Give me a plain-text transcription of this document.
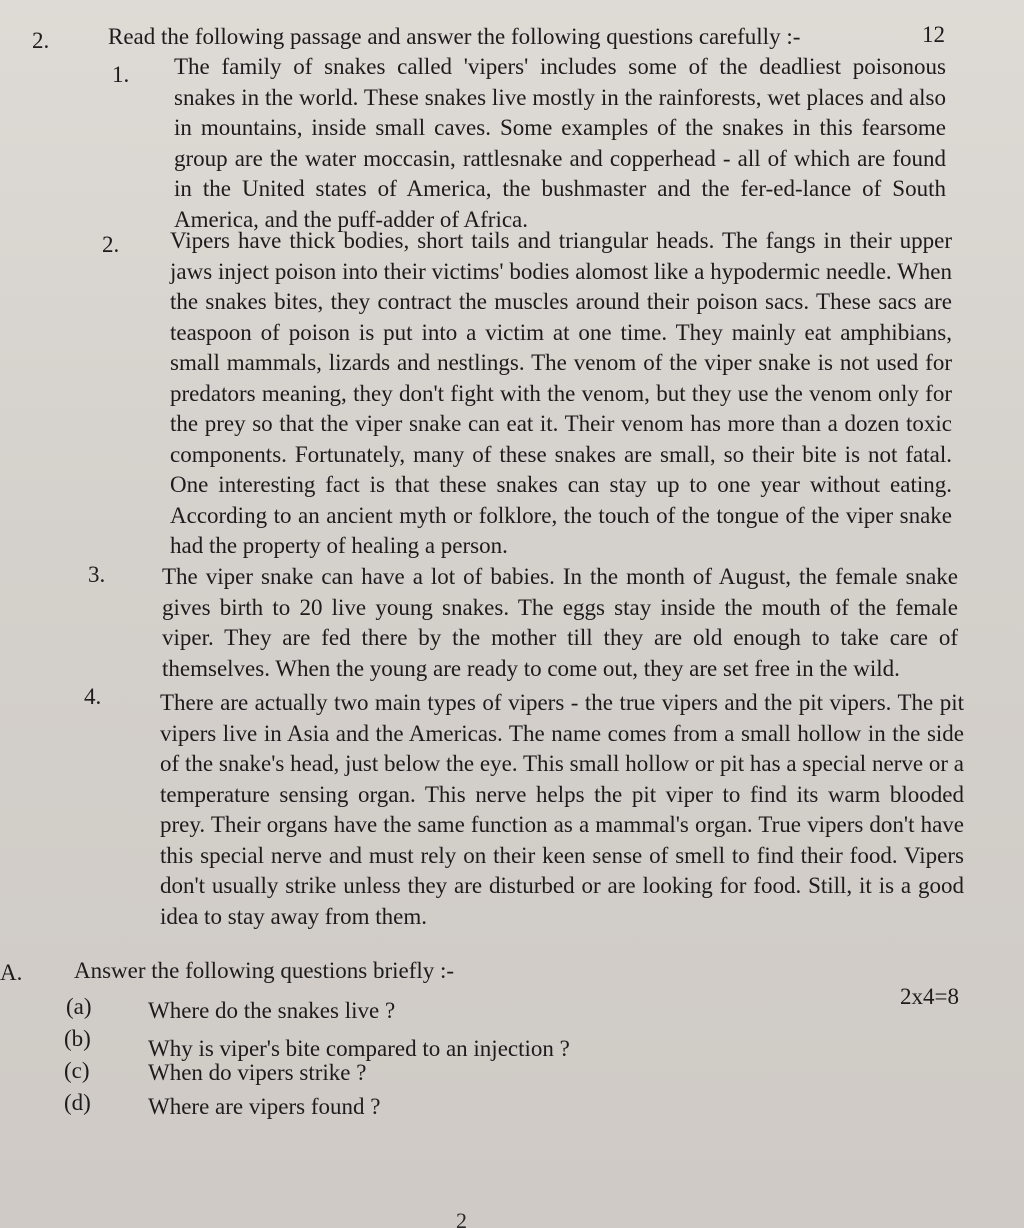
2.	Read the following passage and answer the following questions carefully :-	12
1. The family of snakes called 'vipers' includes some of the deadliest poisonous snakes in the world. These snakes live mostly in the rainforests, wet places and also in mountains, inside small caves. Some examples of the snakes in this fearsome group are the water moccasin, rattlesnake and copperhead - all of which are found in the United states of America, the bushmaster and the fer-ed-lance of South America, and the puff-adder of Africa.

2. Vipers have thick bodies, short tails and triangular heads. The fangs in their upper jaws inject poison into their victims' bodies alomost like a hypodermic needle. When the snakes bites, they contract the muscles around their poison sacs. These sacs are teaspoon of poison is put into a victim at one time. They mainly eat amphibians, small mammals, lizards and nestlings. The venom of the viper snake is not used for predators meaning, they don't fight with the venom, but they use the venom only for the prey so that the viper snake can eat it. Their venom has more than a dozen toxic components. Fortunately, many of these snakes are small, so their bite is not fatal. One interesting fact is that these snakes can stay up to one year without eating. According to an ancient myth or folklore, the touch of the tongue of the viper snake had the property of healing a person.

3. The viper snake can have a lot of babies. In the month of August, the female snake gives birth to 20 live young snakes. The eggs stay inside the mouth of the female viper. They are fed there by the mother till they are old enough to take care of themselves. When the young are ready to come out, they are set free in the wild.

4.	There are actually two main types of vipers - the true vipers and the pit vipers. The pit vipers live in Asia and the Americas. The name comes from a small hollow in the side of the snake's head, just below the eye. This small hollow or pit has a special nerve or a temperature sensing organ. This nerve helps the pit viper to find its warm blooded prey. Their organs have the same function as a mammal's organ. True vipers don't have this special nerve and must rely on their keen sense of smell to find their food. Vipers don't usually strike unless they are disturbed or are looking for food. Still, it is a good idea to stay away from them.

A. Answer the following questions briefly :-
2x4=8
(a) Where do the snakes live ?
(b) Why is viper's bite compared to an injection ?
(c)	When do vipers strike ?
(d) Where are vipers found ?
2
